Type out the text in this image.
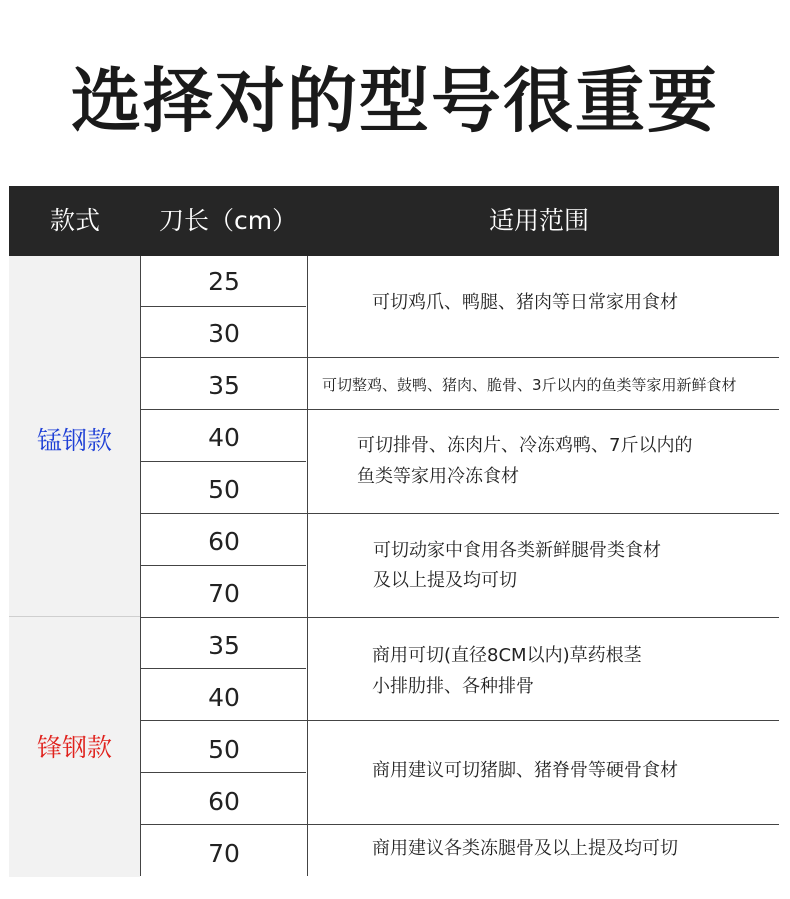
选择对的型号很重要
款式 刀长（cm）	适用范围
锰钢款
锋钢款
25
30
35
40
50
60
70
35
40
50
60
70
可切鸡爪、鸭腿、猪肉等日常家用食材
可切整鸡、鼓鸭、猪肉、脆骨、3斤以内的鱼类等家用新鲜食材
可切排骨、冻肉片、冷冻鸡鸭、7斤以内的
鱼类等家用冷冻食材
可切动家中食用各类新鲜腿骨类食材
及以上提及均可切
商用可切(直径8CM以内)草药根茎
小排肋排、各种排骨
商用建议可切猪脚、猪脊骨等硬骨食材
商用建议各类冻腿骨及以上提及均可切
